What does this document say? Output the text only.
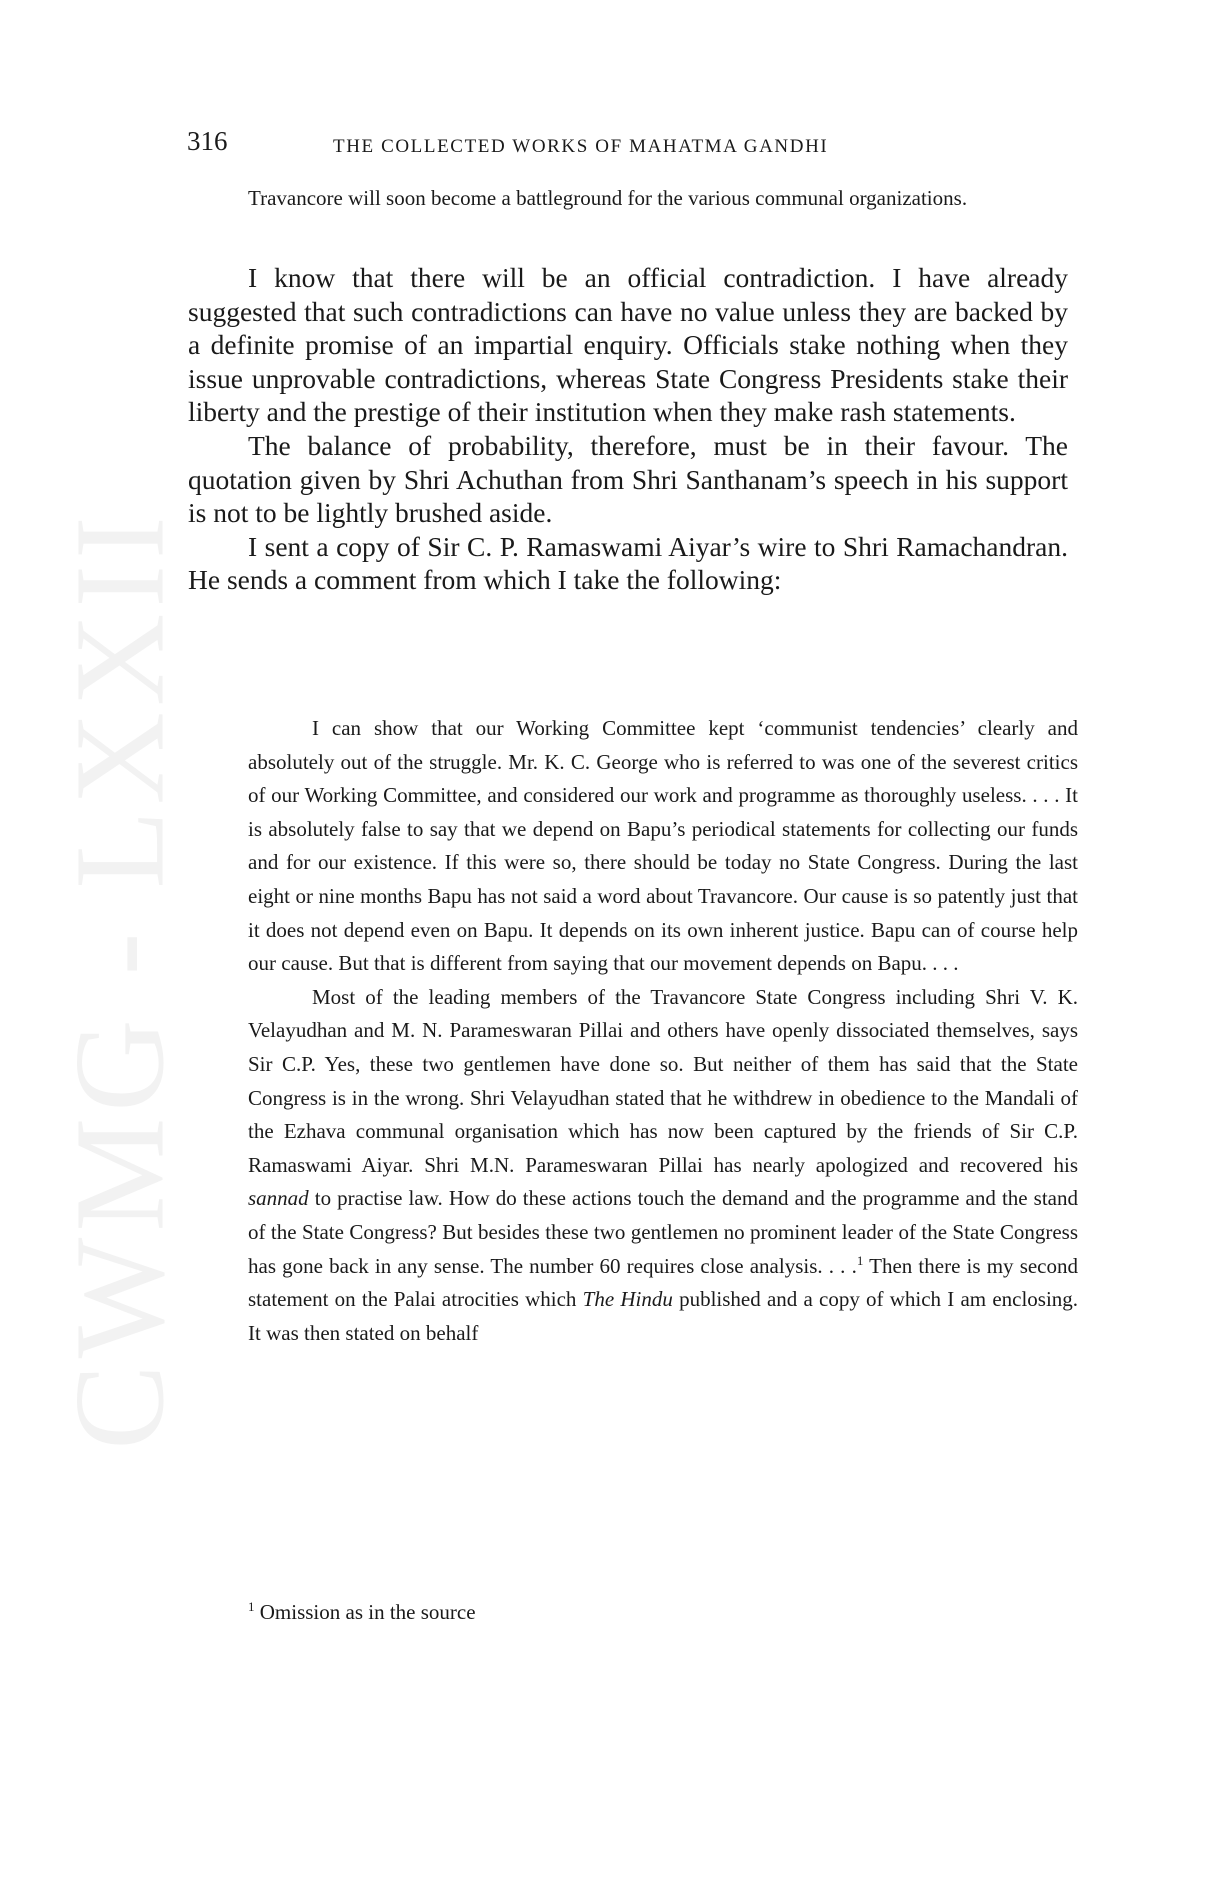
CWMG - LXXII
316	THE COLLECTED WORKS OF MAHATMA GANDHI

Travancore will soon become a battleground for the various communal organizations.

I know that there will be an official contradiction. I have already suggested that such contradictions can have no value unless they are backed by a definite promise of an impartial enquiry. Officials stake nothing when they issue unprovable contradictions, whereas State Congress Presidents stake their liberty and the prestige of their institution when they make rash statements.

The balance of probability, therefore, must be in their favour. The quotation given by Shri Achuthan from Shri Santhanam’s speech in his support is not to be lightly brushed aside.

I sent a copy of Sir C. P. Ramaswami Aiyar’s wire to Shri Ramachandran. He sends a comment from which I take the following:

I can show that our Working Committee kept ‘communist tendencies’ clearly and absolutely out of the struggle. Mr. K. C. George who is referred to was one of the severest critics of our Working Committee, and considered our work and programme as thoroughly useless. . . . It is absolutely false to say that we depend on Bapu’s periodical statements for collecting our funds and for our existence. If this were so, there should be today no State Congress. During the last eight or nine months Bapu has not said a word about Travancore. Our cause is so patently just that it does not depend even on Bapu. It depends on its own inherent justice. Bapu can of course help our cause. But that is different from saying that our movement depends on Bapu. . . .

Most of the leading members of the Travancore State Congress including Shri V. K. Velayudhan and M. N. Parameswaran Pillai and others have openly dissociated themselves, says Sir C.P. Yes, these two gentlemen have done so. But neither of them has said that the State Congress is in the wrong. Shri Velayudhan stated that he withdrew in obedience to the Mandali of the Ezhava communal organisation which has now been captured by the friends of Sir C.P. Ramaswami Aiyar. Shri M.N. Parameswaran Pillai has nearly apologized and recovered his sannad to practise law. How do these actions touch the demand and the programme and the stand of the State Congress? But besides these two gentlemen no prominent leader of the State Congress has gone back in any sense. The number 60 requires close analysis. . . .$^1$ Then there is my second statement on the Palai atrocities which The Hindu published and a copy of which I am enclosing. It was then stated on behalf

$^1$ Omission as in the source
